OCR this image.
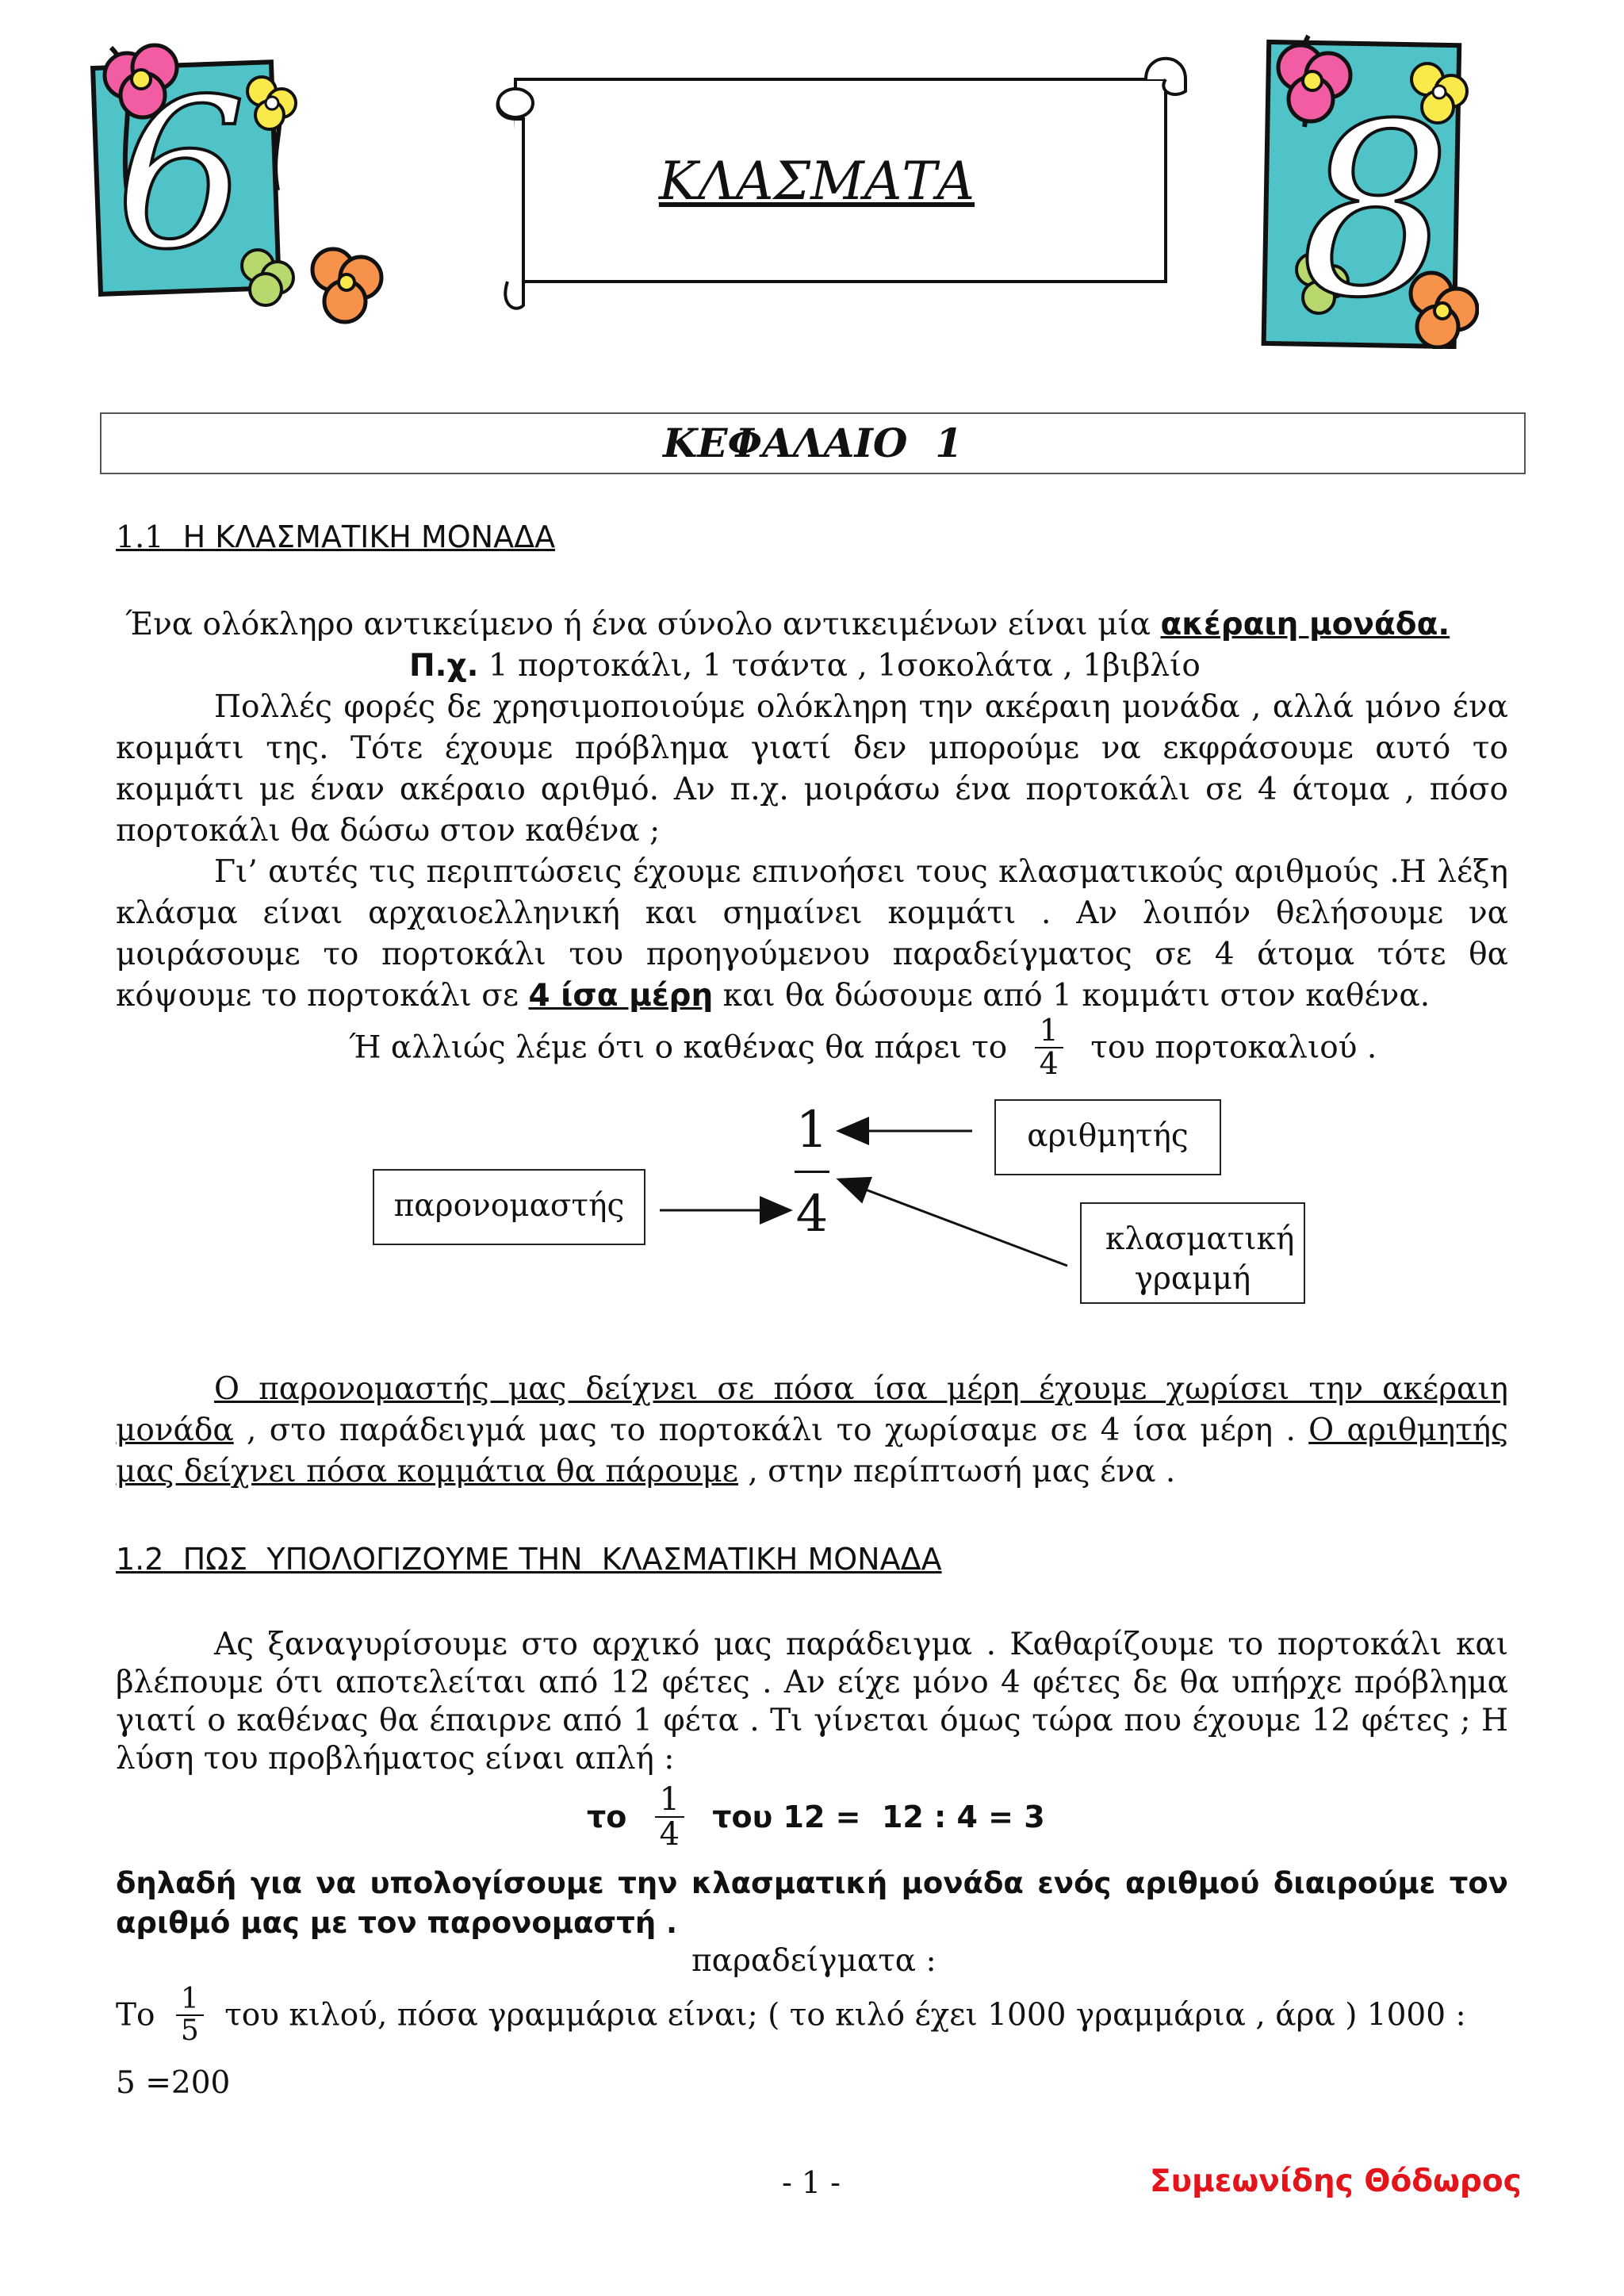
6	8
ΚΛΑΣΜΑΤΑ
ΚΕΦΑΛΑΙΟ  1
1.1 Η ΚΛΑΣΜΑΤΙΚΗ ΜΟΝΑΔΑ
Ένα ολόκληρο αντικείμενο ή ένα σύνολο αντικειμένων είναι μία ακέραιη μονάδα.
Π.χ. 1 πορτοκάλι, 1 τσάντα , 1σοκολάτα , 1βιβλίο
Πολλές φορές δε χρησιμοποιούμε ολόκληρη την ακέραιη μονάδα , αλλά μόνο ένα κομμάτι της. Τότε έχουμε πρόβλημα γιατί δεν μπορούμε να εκφράσουμε αυτό το κομμάτι με έναν ακέραιο αριθμό. Αν π.χ. μοιράσω ένα πορτοκάλι σε 4 άτομα , πόσο πορτοκάλι θα δώσω στον καθένα ;
Γι’ αυτές τις περιπτώσεις έχουμε επινοήσει τους κλασματικούς αριθμούς .Η λέξη κλάσμα είναι αρχαιοελληνική και σημαίνει κομμάτι . Αν λοιπόν θελήσουμε να μοιράσουμε το πορτοκάλι του προηγούμενου παραδείγματος σε 4 άτομα τότε θα κόψουμε το πορτοκάλι σε 4 ίσα μέρη και θα δώσουμε από 1 κομμάτι στον καθένα.
Ή αλλιώς λέμε ότι ο καθένας θα πάρει το $\frac{1}{4}$ του πορτοκαλιού .
1
4
αριθμητής
παρονομαστής
κλασματική γραμμή
Ο παρονομαστής μας δείχνει σε πόσα ίσα μέρη έχουμε χωρίσει την ακέραιη μονάδα , στο παράδειγμά μας το πορτοκάλι το χωρίσαμε σε 4 ίσα μέρη . Ο αριθμητής μας δείχνει πόσα κομμάτια θα πάρουμε , στην περίπτωσή μας ένα .
1.2 ΠΩΣ  ΥΠΟΛΟΓΙΖΟΥΜΕ ΤΗΝ  ΚΛΑΣΜΑΤΙΚΗ ΜΟΝΑΔΑ
Ας ξαναγυρίσουμε στο αρχικό μας παράδειγμα . Καθαρίζουμε το πορτοκάλι και βλέπουμε ότι αποτελείται από 12 φέτες . Αν είχε μόνο 4 φέτες δε θα υπήρχε πρόβλημα γιατί ο καθένας θα έπαιρνε από 1 φέτα . Τι γίνεται όμως τώρα που έχουμε 12 φέτες ; Η λύση του προβλήματος είναι απλή :
το $\frac{1}{4}$ του 12 =  12 : 4 = 3
δηλαδή για να υπολογίσουμε την κλασματική μονάδα ενός αριθμού διαιρούμε τον αριθμό μας με τον παρονομαστή .
παραδείγματα :
Το $\frac{1}{5}$ του κιλού, πόσα γραμμάρια είναι; ( το κιλό έχει 1000 γραμμάρια , άρα ) 1000 :
5 =200
- 1 -	Συμεωνίδης Θόδωρος
